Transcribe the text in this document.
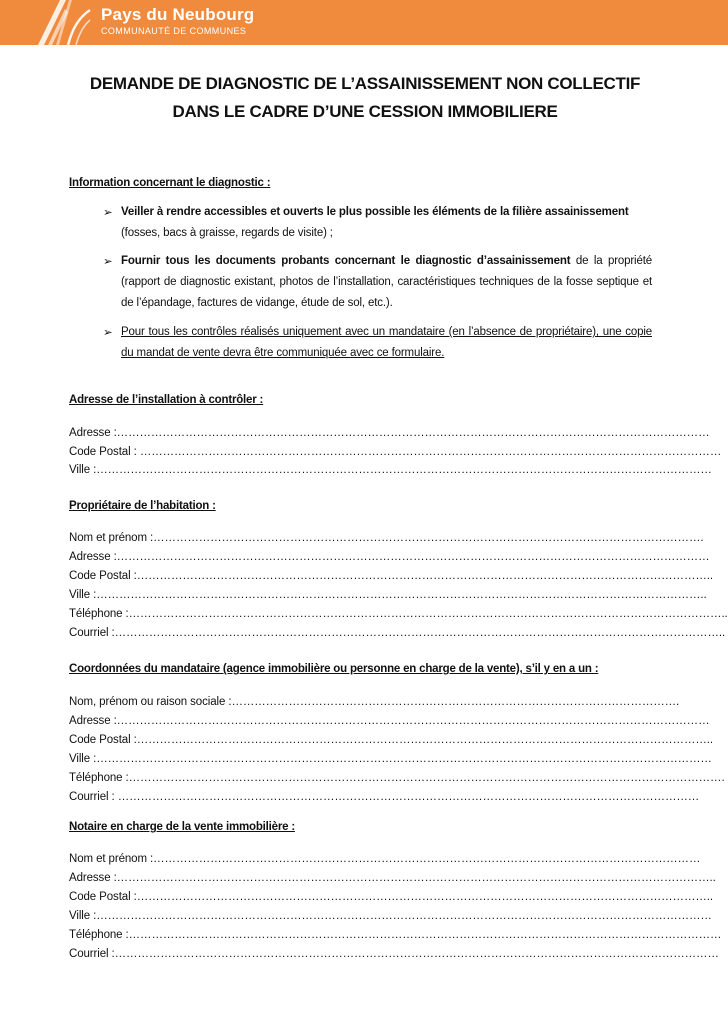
Pays du Neubourg
COMMUNAUTÉ DE COMMUNES
DEMANDE DE DIAGNOSTIC DE L’ASSAINISSEMENT NON COLLECTIF
DANS LE CADRE D’UNE CESSION IMMOBILIERE
Information concernant le diagnostic :
➢ Veiller à rendre accessibles et ouverts le plus possible les éléments de la filière assainissement
(fosses, bacs à graisse, regards de visite) ;
➢ Fournir tous les documents probants concernant le diagnostic d’assainissement de la propriété (rapport de diagnostic existant, photos de l’installation, caractéristiques techniques de la fosse septique et de l’épandage, factures de vidange, étude de sol, etc.).
➢ Pour tous les contrôles réalisés uniquement avec un mandataire (en l’absence de propriétaire), une copie du mandat de vente devra être communiquée avec ce formulaire.
Adresse de l’installation à contrôler :
Adresse :…………………………………………………………………………………………………………………………………………
Code Postal : ………………………………………………………………………………………………………………………………………
Ville :………………………………………………………………………………………………………………………………………………
Propriétaire de l’habitation :
Nom et prénom :……………………………………………………………………………………………………………………………….
Adresse :…………………………………………………………………………………………………………………………………………
Code Postal :……………………………………………………………………………………………………………………………………..
Ville :……………………………………………………………………………………………………………………………………………..
Téléphone :…………………………………………………………………………………………………………………………………………..
Courriel :……………………………………………………………………………………………………………………………………………..
Coordonnées du mandataire (agence immobilière ou personne en charge de la vente), s’il y en a un :
Nom, prénom ou raison sociale :……………………………………………………………………………………………………….
Adresse :…………………………………………………………………………………………………………………………………………
Code Postal :……………………………………………………………………………………………………………………………………..
Ville :………………………………………………………………………………………………………………………………………………
Téléphone :………………………………………………………………………………………………………………………………………….
Courriel : ………………………………………………………………………………………………………………………………………
Notaire en charge de la vente immobilière :
Nom et prénom :………………………………………………………………………………………………………………………………
Adresse :…………………………………………………………………………………………………………………………………………..
Code Postal :……………………………………………………………………………………………………………………………………..
Ville :………………………………………………………………………………………………………………………………………………
Téléphone :…………………………………………………………………………………………………………………………………………
Courriel :……………………………………………………………………………………………………………………………………………
